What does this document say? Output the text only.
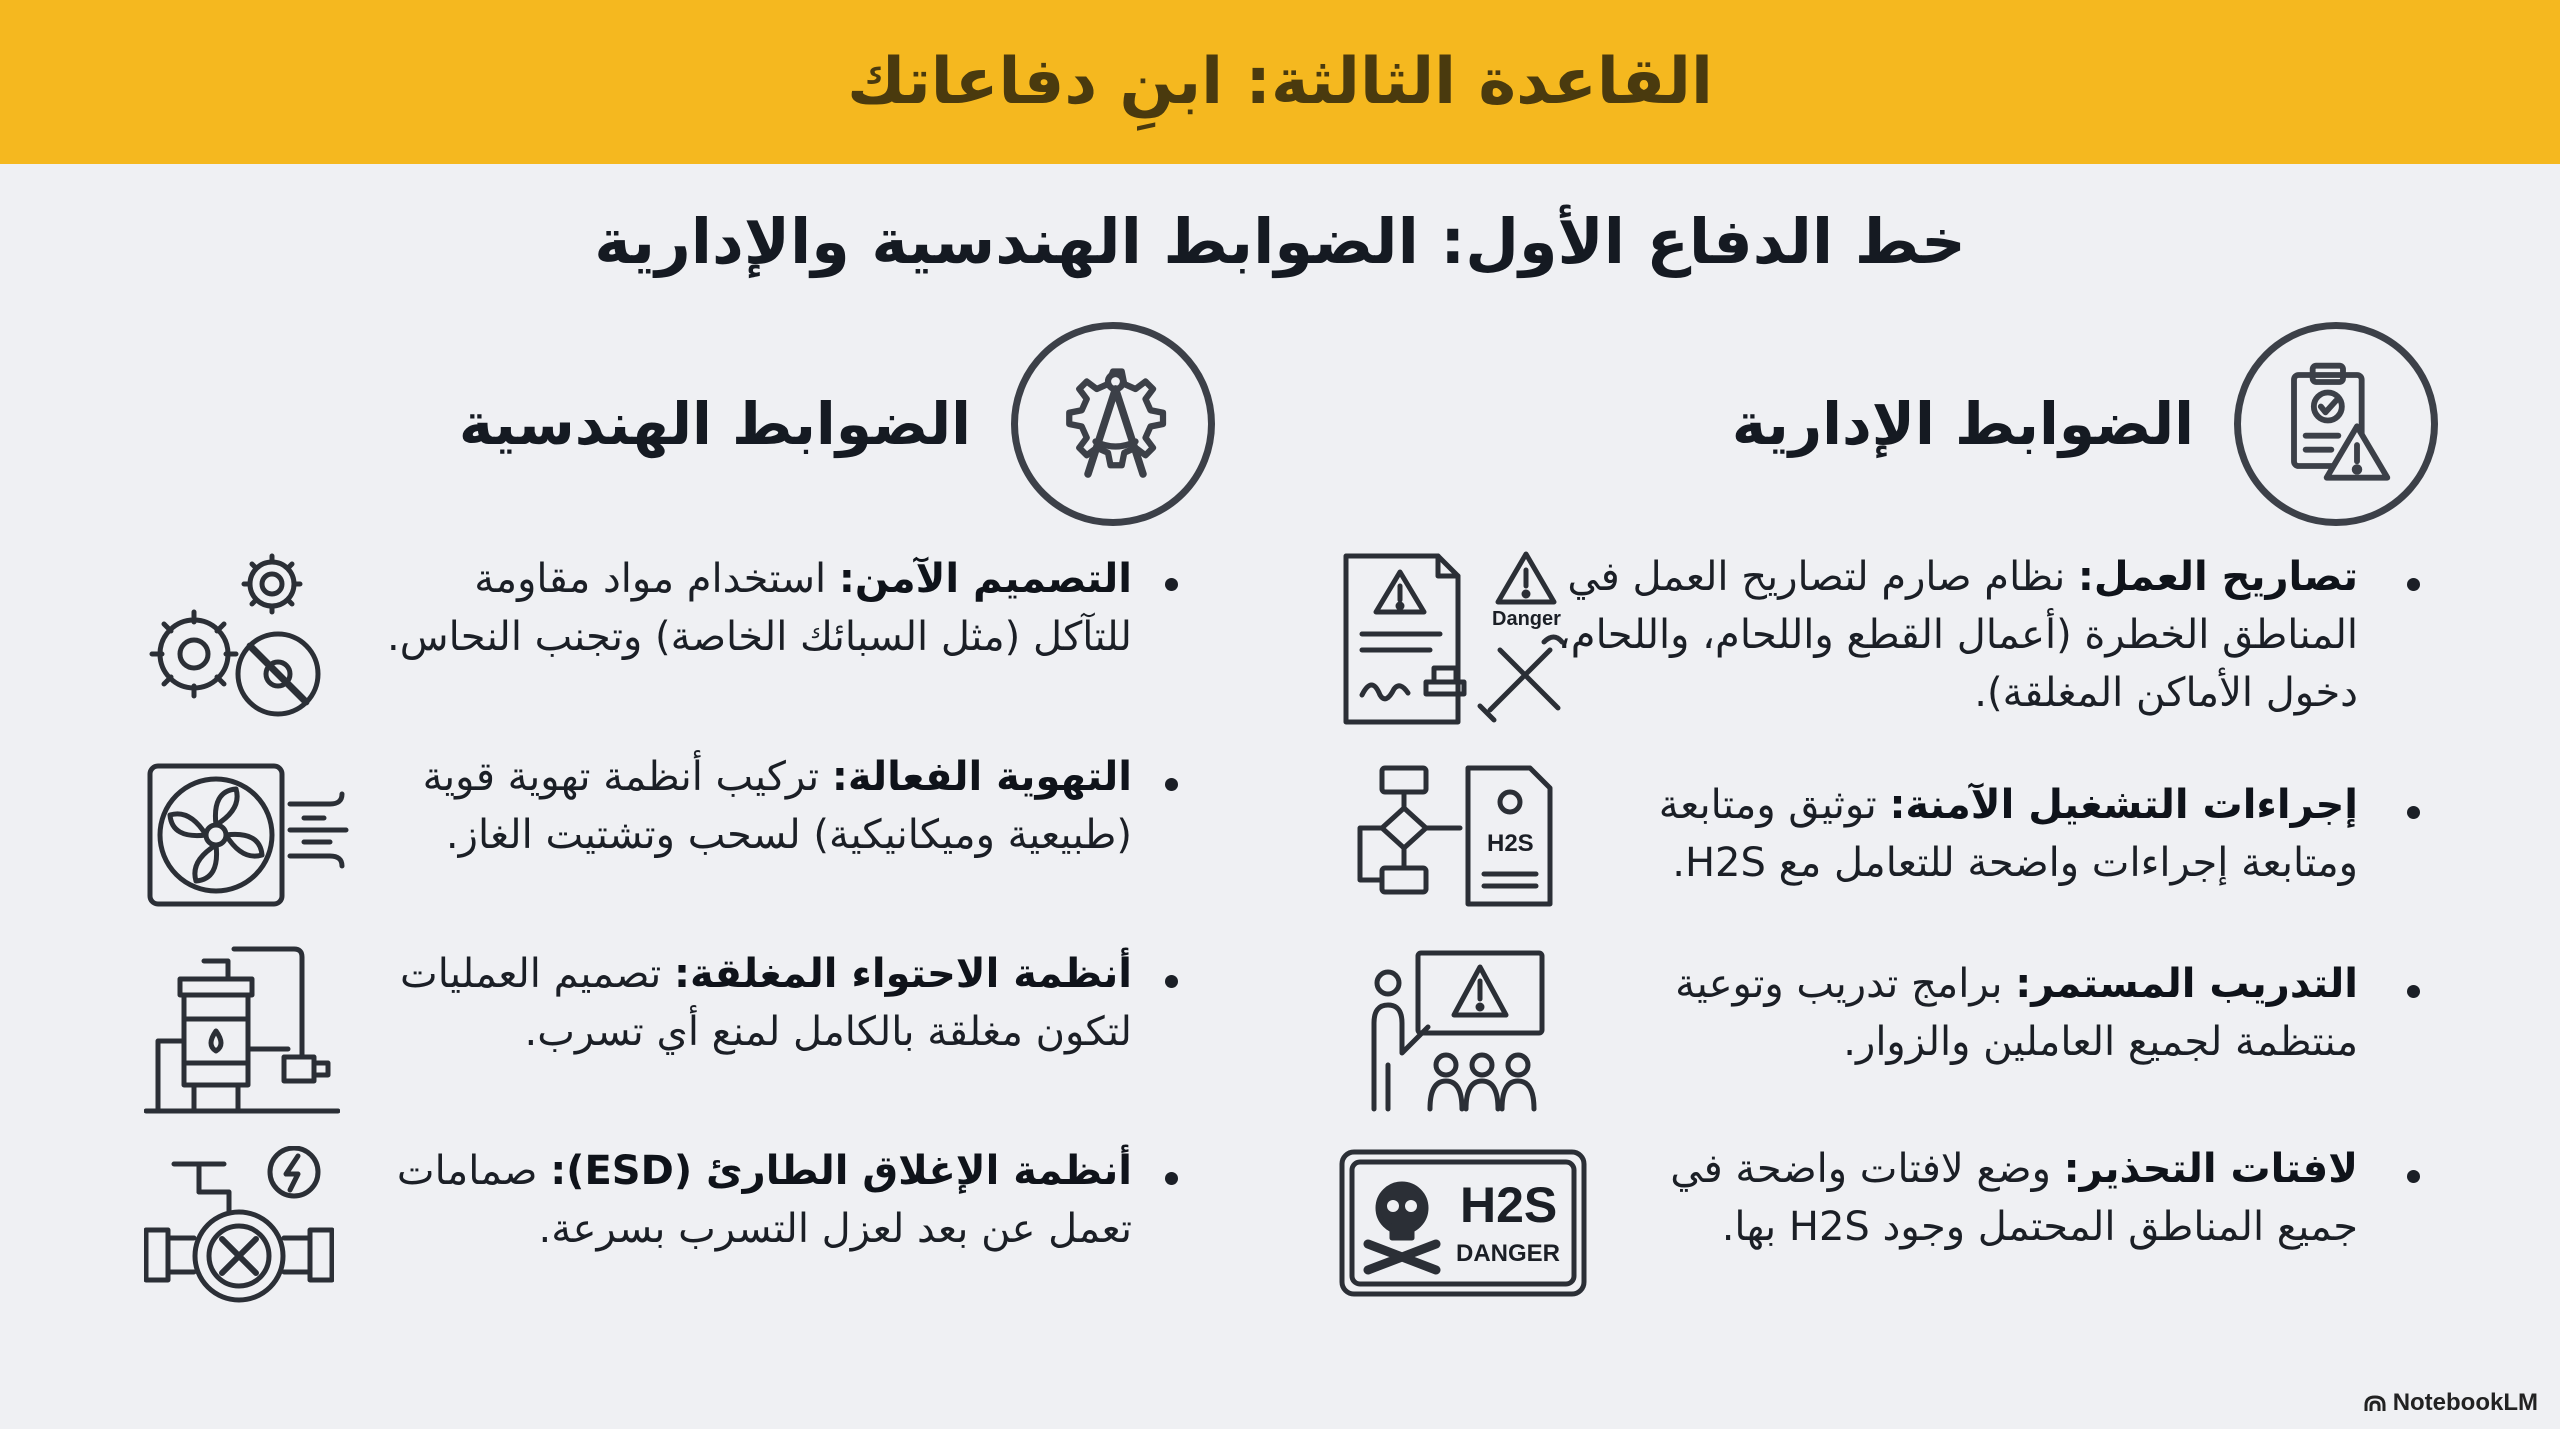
القاعدة الثالثة: ابنِ دفاعاتك
خط الدفاع الأول: الضوابط الهندسية والإدارية
الضوابط الإدارية
الضوابط الهندسية
تصاريح العمل: نظام صارم لتصاريح العمل في المناطق الخطرة (أعمال القطع واللحام، واللحام، دخول الأماكن المغلقة).
Danger
إجراءات التشغيل الآمنة: توثيق ومتابعة ومتابعة إجراءات واضحة للتعامل مع H2S.
H2S
التدريب المستمر: برامج تدريب وتوعية منتظمة لجميع العاملين والزوار.
لافتات التحذير: وضع لافتات واضحة في جميع المناطق المحتمل وجود H2S بها.
H2S
DANGER
التصميم الآمن: استخدام مواد مقاومة للتآكل (مثل السبائك الخاصة) وتجنب النحاس.
التهوية الفعالة: تركيب أنظمة تهوية قوية (طبيعية وميكانيكية) لسحب وتشتيت الغاز.
أنظمة الاحتواء المغلقة: تصميم العمليات لتكون مغلقة بالكامل لمنع أي تسرب.
أنظمة الإغلاق الطارئ (ESD): صمامات تعمل عن بعد لعزل التسرب بسرعة.
NotebookLM
